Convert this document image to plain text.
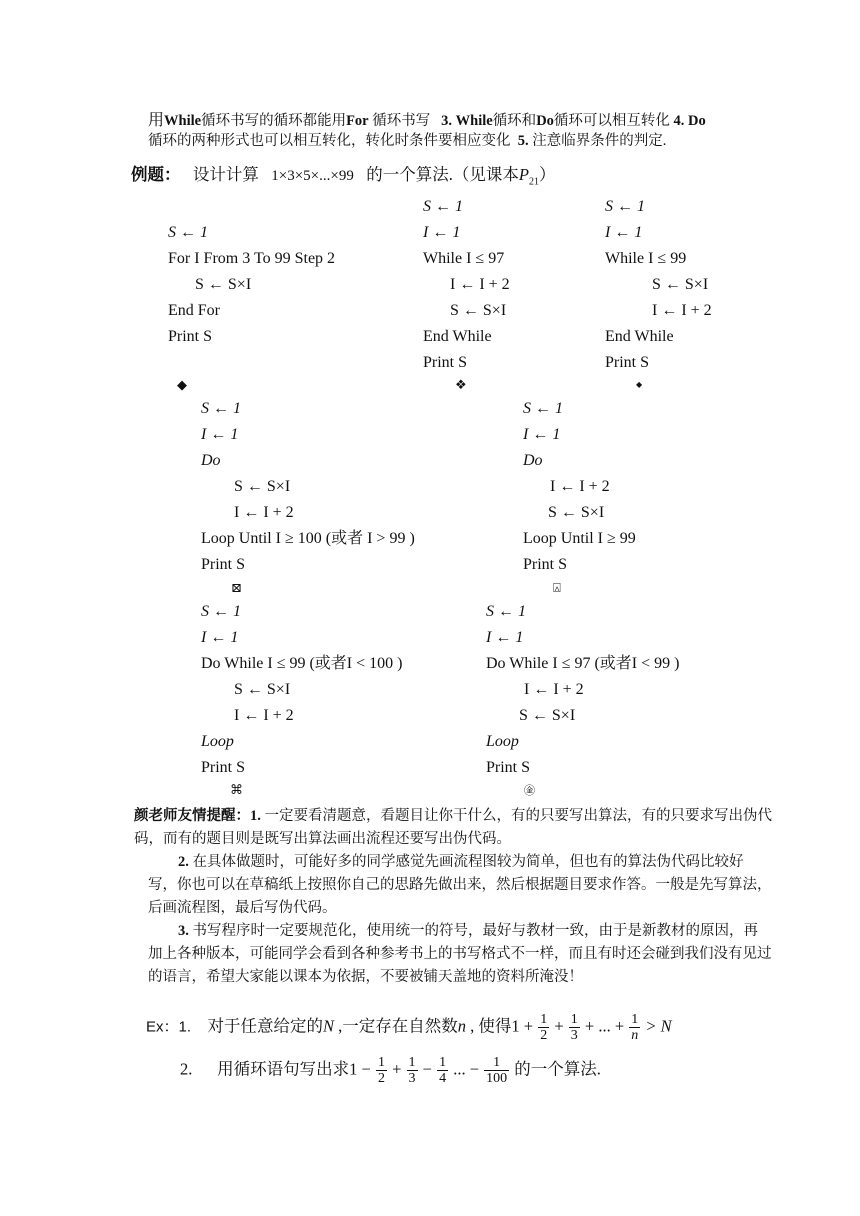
用While循环书写的循环都能用For 循环书写 3. While循环和Do循环可以相互转化 4. Do
循环的两种形式也可以相互转化，转化时条件要相应变化 5. 注意临界条件的判定.
例题： 设计计算 1×3×5×...×99 的一个算法.（见课本$P_{21}$）
S ← 1
For I From 3 To 99 Step 2
S ← S×I
End For
Print S
S ← 1
I ← 1
While I ≤ 97
I ← I + 2
S ← S×I
End While
Print S
S ← 1
I ← 1
While I ≤ 99
S ← S×I
I ← I + 2
End While
Print S
◆	❖	◆
S ← 1
I ← 1
Do
S ← S×I
I ← I + 2
Loop Until I ≥ 100 (或者 I > 99 )
Print S
S ← 1
I ← 1
Do
I ← I + 2
S ← S×I
Loop Until I ≥ 99
Print S
⊠	⍓
S ← 1
I ← 1
Do While I ≤ 99 (或者I < 100 )
S ← S×I
I ← I + 2
Loop
Print S
S ← 1
I ← 1
Do While I ≤ 97 (或者I < 99 )
I ← I + 2
S ← S×I
Loop
Print S
⌘	㊎
颜老师友情提醒：1. 一定要看清题意，看题目让你干什么，有的只要写出算法，有的只要求写出伪代码，而有的题目则是既写出算法画出流程还要写出伪代码。
2. 在具体做题时，可能好多的同学感觉先画流程图较为简单，但也有的算法伪代码比较好写，你也可以在草稿纸上按照你自己的思路先做出来，然后根据题目要求作答。一般是先写算法，后画流程图，最后写伪代码。
3. 书写程序时一定要规范化，使用统一的符号，最好与教材一致，由于是新教材的原因，再加上各种版本，可能同学会看到各种参考书上的书写格式不一样，而且有时还会碰到我们没有见过的语言，希望大家能以课本为依据，不要被铺天盖地的资料所淹没！
Ex：1. 对于任意给定的N ,一定存在自然数n , 使得$1 + \frac{1}{2} + \frac{1}{3}$ + ... + $\frac{1}{n} > N$
2. 用循环语句写出求$1 - \frac{1}{2} + \frac{1}{3} - \frac{1}{4}$ ... − $\frac{1}{100}$ 的一个算法.
